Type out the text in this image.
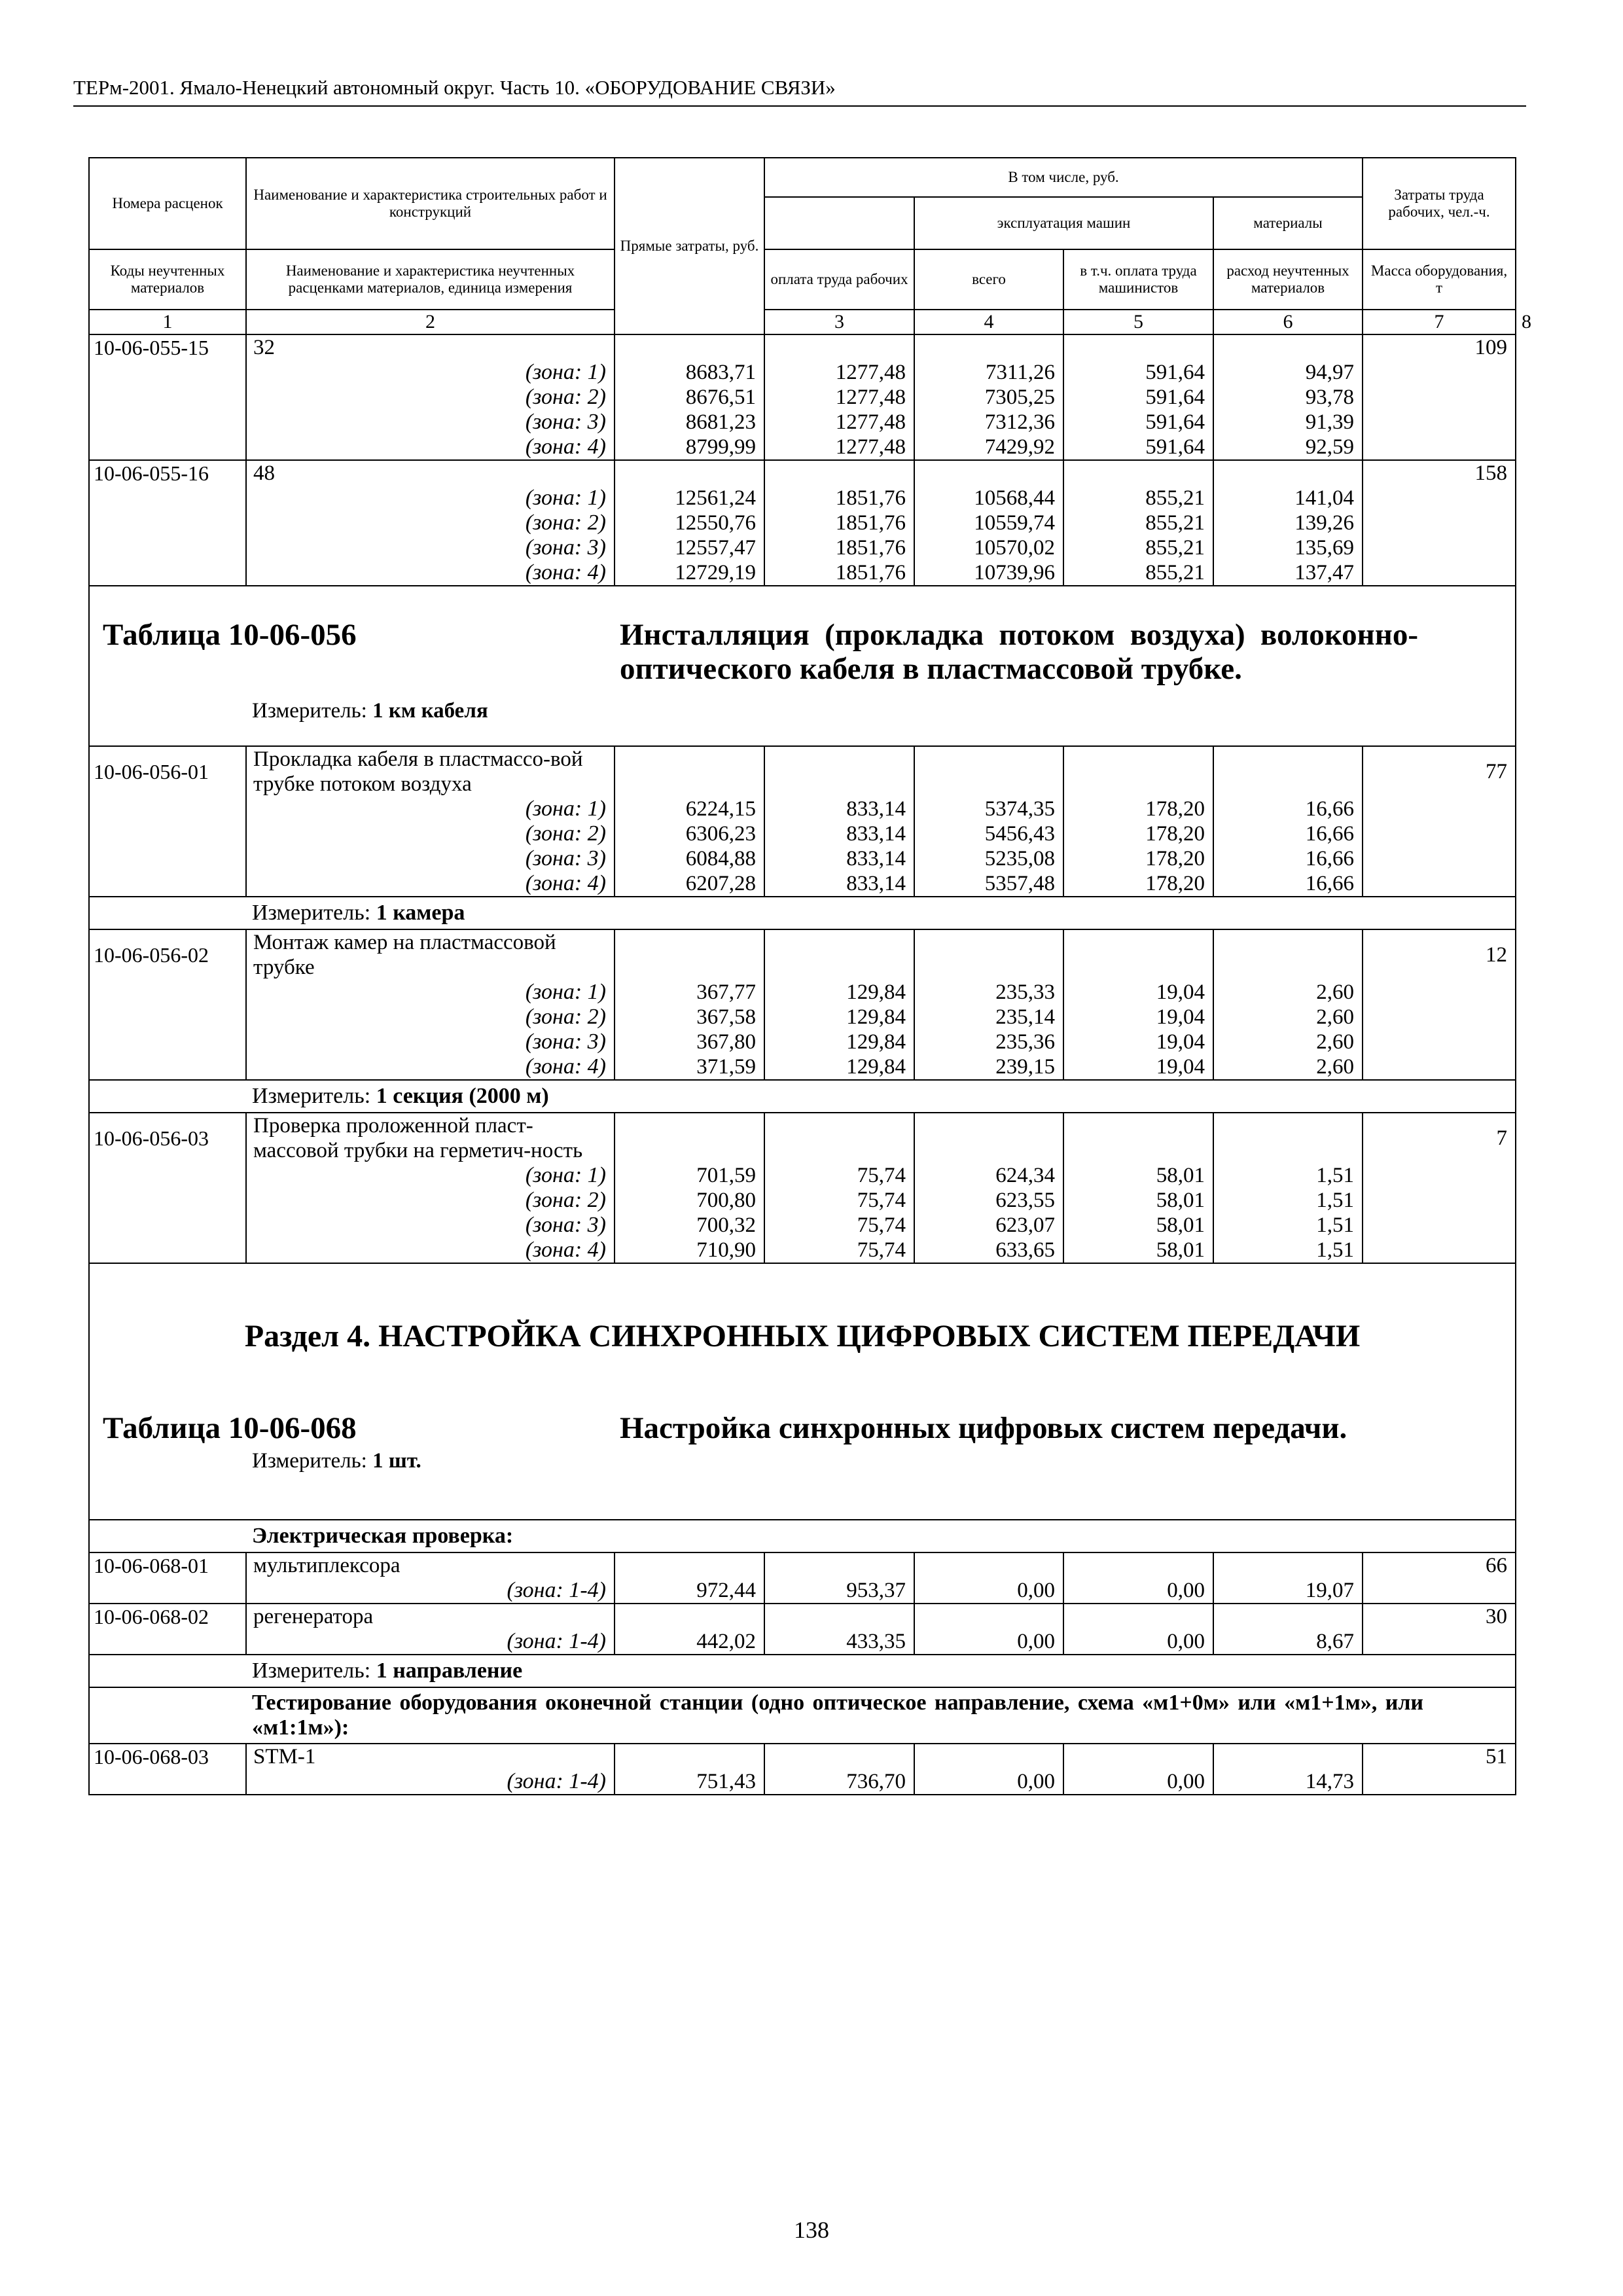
ТЕРм-2001. Ямало-Ненецкий автономный округ. Часть 10. «ОБОРУДОВАНИЕ СВЯЗИ»
Номера расценок	Наименование и характеристика строительных работ и конструкций	Прямые затраты, руб.	В том числе, руб.				Затраты труда рабочих, чел.-ч.	
				эксплуатация машин		материалы		
Коды неучтенных материалов	Наименование и характеристика неучтенных расценками материалов, единица измерения		оплата труда рабочих	всего	в т.ч. оплата труда машинистов	расход неучтенных материалов	Масса оборудования, т	
1	2		3	4	5	6	7	8
10-06-055-15	32						109	
	(зона: 1)	8683,71	1277,48	7311,26	591,64	94,97		
	(зона: 2)	8676,51	1277,48	7305,25	591,64	93,78		
	(зона: 3)	8681,23	1277,48	7312,36	591,64	91,39		
	(зона: 4)	8799,99	1277,48	7429,92	591,64	92,59		
10-06-055-16	48						158	
	(зона: 1)	12561,24	1851,76	10568,44	855,21	141,04		
	(зона: 2)	12550,76	1851,76	10559,74	855,21	139,26		
	(зона: 3)	12557,47	1851,76	10570,02	855,21	135,69		
	(зона: 4)	12729,19	1851,76	10739,96	855,21	137,47		

Таблица 10-06-056 Инсталляция (прокладка потоком воздуха) волоконно-оптического кабеля в пластмассовой трубке.
Измеритель: 1 км кабеля								

10-06-056-01	Прокладка кабеля в пластмассо-вой трубке потоком воздуха						77	
	(зона: 1)	6224,15	833,14	5374,35	178,20	16,66		
	(зона: 2)	6306,23	833,14	5456,43	178,20	16,66		
	(зона: 3)	6084,88	833,14	5235,08	178,20	16,66		
	(зона: 4)	6207,28	833,14	5357,48	178,20	16,66		
Измеритель: 1 камера								
10-06-056-02	Монтаж камер на пластмассовой трубке						12	
	(зона: 1)	367,77	129,84	235,33	19,04	2,60		
	(зона: 2)	367,58	129,84	235,14	19,04	2,60		
	(зона: 3)	367,80	129,84	235,36	19,04	2,60		
	(зона: 4)	371,59	129,84	239,15	19,04	2,60		
Измеритель: 1 секция (2000 м)								
10-06-056-03	Проверка проложенной пласт-массовой трубки на герметич-ность						7	
	(зона: 1)	701,59	75,74	624,34	58,01	1,51		
	(зона: 2)	700,80	75,74	623,55	58,01	1,51		
	(зона: 3)	700,32	75,74	623,07	58,01	1,51		
	(зона: 4)	710,90	75,74	633,65	58,01	1,51		

Раздел 4. НАСТРОЙКА СИНХРОННЫХ ЦИФРОВЫХ СИСТЕМ ПЕРЕДАЧИ
Таблица 10-06-068 Настройка синхронных цифровых систем передачи.
Измеритель: 1 шт.								

Электрическая проверка:								
10-06-068-01	мультиплексора						66	
	(зона: 1-4)	972,44	953,37	0,00	0,00	19,07		
10-06-068-02	регенератора						30	
	(зона: 1-4)	442,02	433,35	0,00	0,00	8,67		
Измеритель: 1 направление								
Тестирование оборудования оконечной станции (одно оптическое направление, схема «м1+0м» или «м1+1м», или «м1:1м»):								
10-06-068-03	STM-1						51	
	(зона: 1-4)	751,43	736,70	0,00	0,00	14,73		
138
